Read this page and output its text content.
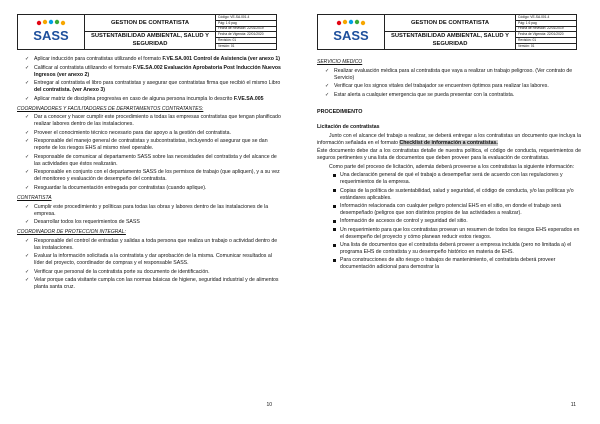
SASS
GESTION DE CONTRATISTA
SUSTENTABILIDAD AMBIENTAL, SALUD Y SEGURIDAD
Código: VE-SA.001.4
Pág: 1 6 pag
Fecha de Revisión: 22/01/2019
Fecha de Vigencia: 22/01/2020
Revisión: 01
Versión: 01
✓ Aplicar inducción para contratistas utilizando el formato F.VE.SA.001 Control de Asistencia (ver anexo 1)
✓ Calificar al contratista utilizando el formato F.VE.SA.002 Evaluación Aprobatoria Post Inducción Nuevos Ingresos (ver anexo 2)
✓ Entregar al contratista el libro para contratistas y asegurar que contratistas firma que recibió el mismo Libro del contratista. (ver Anexo 3)
✓ Aplicar matriz de disciplina progresiva en caso de alguna persona incumpla lo descrito F.VE.SA.005
COORDINADORES Y FACILITADORES DE DEPARTAMENTOS CONTRATANTES:
✓ Dar a conocer y hacer cumplir este procedimiento a todas las empresas contratistas que tengan planificado realizar labores dentro de las instalaciones.
✓ Proveer el conocimiento técnico necesario para dar apoyo a la gestión del contratista.
✓ Responsable del manejo general de contratistas y subcontratistas, incluyendo el asegurar que se dan reporte de los riesgos EHS al mismo nivel operable.
✓ Responsable de comunicar al departamento SASS sobre las necesidades del contratista y del alcance de las actividades que éstos realizarán.
✓ Responsable en conjunto con el departamento SASS de los permisos de trabajo (que apliquen), y a su vez del monitoreo y evaluación de desempeño del contratista.
✓ Resguardar la documentación entregada por contratistas (cuando aplique).
CONTRATISTA
✓ Cumplir este procedimiento y políticas para todas las obras y labores dentro de las instalaciones de la empresa.
✓ Desarrollar todos los requerimientos de SASS
COORDINADOR DE PROTECCION INTEGRAL:
✓ Responsable del control de entradas y salidas a toda persona que realiza un trabajo o actividad dentro de las instalaciones.
✓ Evaluar la información solicitada a la contratista y dar aprobación de la misma. Comunicar resultados al líder del proyecto, coordinador de compras y el responsable SASS.
✓ Verificar que personal de la contratista porte su documento de identificación.
✓ Velar porque cada visitante cumpla con las normas básicas de higiene, seguridad industrial y de alimentos planta santa cruz.
10
SASS
GESTION DE CONTRATISTA
SUSTENTABILIDAD AMBIENTAL, SALUD Y SEGURIDAD
Código: VE-SA.001.4
Pág: 1 6 pag
Fecha de Revisión: 22/01/2019
Fecha de Vigencia: 22/01/2020
Revisión: 01
Versión: 01
SERVICIO MEDICO
✓ Realizar evaluación médica para al contratista que vaya a realizar un trabajo peligroso. (Ver contrato de Servicio)
✓ Verificar que los signos vitales del trabajador se encuentren óptimos para realizar las labores.
✓ Estar alerta a cualquier emergencia que se pueda presentar con la contratista.
PROCEDIMIENTO
Licitación de contratistas
Junto con el alcance del trabajo a realizar, se deberá entregar a los contratistas un documento que incluya la información señalada en el formato Checklist de información a contratistas.
Éste documento debe dar a los contratistas detalle de nuestra política, el código de conducta, requerimientos de seguros pertinentes y una lista de documentos que deben proveer para la evaluación de contratistas.
Como parte del proceso de licitación, además deberá proveerse a los contratistas la siguiente información:
Una declaración general de qué el trabajo a desempeñar será de acuerdo con las regulaciones y requerimientos de la empresa.
Copias de la política de sustentabilidad, salud y seguridad, el código de conducta, y/o las políticas y/o estándares aplicables.
Información relacionada con cualquier peligro potencial EHS en el sitio, en donde el trabajo será desempeñado (peligros que son distintos propios de las actividades a realizar).
Información de accesos de control y seguridad del sitio.
Un requerimiento para que los contratistas provean un resumen de todos los riesgos EHS esperados en el desempeño del proyecto y cómo planean reducir estos riesgos.
Una lista de documentos que el contratista deberá proveer a empresa incluida (pero no limitada a) el programa EHS de contratista y su desempeño histórico en materia de EHS.
Para construcciones de alto riesgo o trabajos de mantenimiento, el contratista deberá proveer documentación adicional para demostrar la
11
